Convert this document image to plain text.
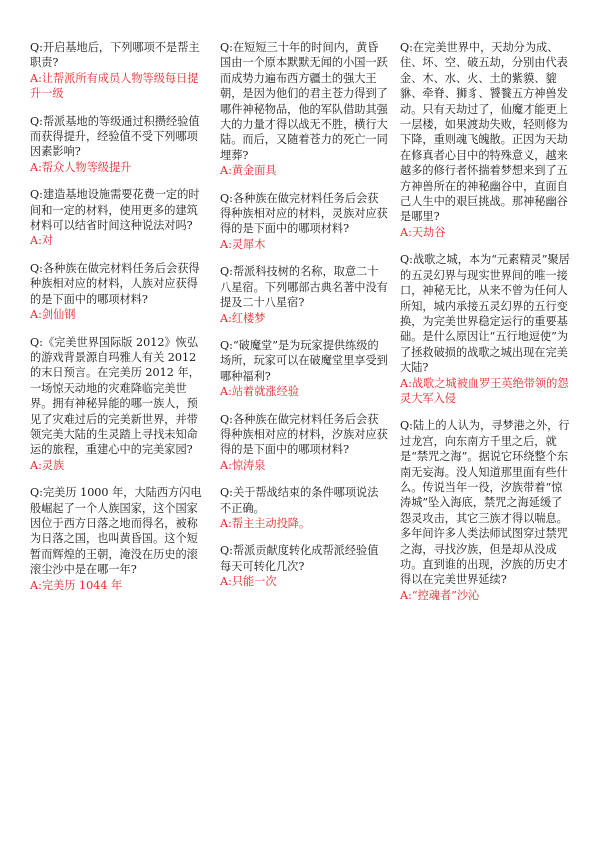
Q:开启基地后，下列哪项不是帮主职责?
A:让帮派所有成员人物等级每日提升一级
Q:帮派基地的等级通过积攒经验值而获得提升，经验值不受下列哪项因素影响?
A:帮众人物等级提升
Q:建造基地设施需要花费一定的时间和一定的材料，使用更多的建筑材料可以结省时间这种说法对吗?
A:对
Q:各种族在做完材料任务后会获得种族相对应的材料，人族对应获得的是下面中的哪项材料?
A:剑仙钢
Q:《完美世界国际版 2012》恢弘的游戏背景源自玛雅人有关 2012 的末日预言。在完美历 2012 年，一场惊天动地的灾难降临完美世界。拥有神秘异能的哪一族人，预见了灾难过后的完美新世界，并带领完美大陆的生灵踏上寻找未知命运的旅程，重建心中的完美家园?
A:灵族
Q:完美历 1000 年，大陆西方闪电般崛起了一个人族国家，这个国家因位于西方日落之地而得名，被称为日落之国，也叫黄昏国。这个短暂而辉煌的王朝，淹没在历史的滚滚尘沙中是在哪一年?
A:完美历 1044 年
Q:在短短三十年的时间内，黄昏国由一个原本默默无闻的小国一跃而成势力遍布西方疆土的强大王朝，是因为他们的君主苍力得到了哪件神秘物品，他的军队借助其强大的力量才得以战无不胜，横行大陆。而后，又随着苍力的死亡一同埋葬?
A:黄金面具
Q:各种族在做完材料任务后会获得种族相对应的材料，灵族对应获得的是下面中的哪项材料?
A:灵犀木
Q:帮派科技树的名称，取意二十八星宿。下列哪部古典名著中没有提及二十八星宿?
A:红楼梦
Q:“破魔堂”是为玩家提供练级的场所，玩家可以在破魔堂里享受到哪种福利?
A:站着就涨经验
Q:各种族在做完材料任务后会获得种族相对应的材料，汐族对应获得的是下面中的哪项材料?
A:惊涛泉
Q:关于帮战结束的条件哪项说法不正确。
A:帮主主动投降。
Q:帮派贡献度转化成帮派经验值每天可转化几次?
A:只能一次
Q:在完美世界中，天劫分为成、住、坏、空、破五劫，分别由代表金、木、水、火、土的紫貘、貔貅、牵脊、狮豸、饕餮五方神兽发动。只有天劫过了，仙魔才能更上一层楼，如果渡劫失败，轻则修为下降，重则魂飞魄散。正因为天劫在修真者心目中的特殊意义，越来越多的修行者怀揣着梦想来到了五方神兽所在的神秘幽谷中，直面自己人生中的艰巨挑战。那神秘幽谷是哪里?
A:天劫谷
Q:战歌之城，本为“元素精灵”聚居的五灵幻界与现实世界间的唯一接口，神秘无比，从来不曾为任何人所知，城内承接五灵幻界的五行变换，为完美世界稳定运行的重要基础。是什么原因让“五行地逗使”为了拯救破损的战歌之城出现在完美大陆?
A:战歌之城被血罗王英绝带领的怨灵大军入侵
Q:陆上的人认为，寻梦港之外，行过龙宫，向东南方千里之后，就是“禁咒之海”。据说它环绕整个东南无妄海。没人知道那里面有些什么。传说当年一役，汐族带着“惊涛城”坠入海底，禁咒之海延缓了怨灵攻击，其它三族才得以喘息。多年间许多人类法师试图穿过禁咒之海，寻找汐族，但是却从没成功。直到谁的出现，汐族的历史才得以在完美世界延续?
A:“控魂者”沙沁
